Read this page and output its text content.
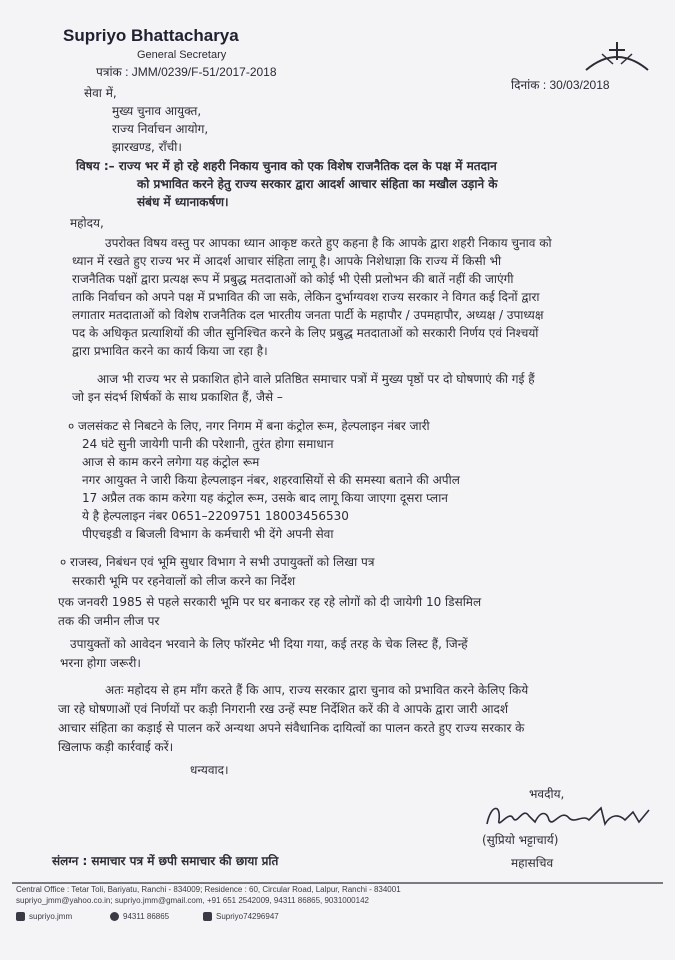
Supriyo Bhattacharya
General Secretary
पत्रांक : JMM/0239/F-51/2017-2018
दिनांक : 30/03/2018
सेवा में,
मुख्य चुनाव आयुक्त,
राज्य निर्वाचन आयोग,
झारखण्ड, राँची।
विषय :– राज्य भर में हो रहे शहरी निकाय चुनाव को एक विशेष राजनैतिक दल के पक्ष में मतदान
को प्रभावित करने हेतु राज्य सरकार द्वारा आदर्श आचार संहिता का मखौल उड़ाने के
संबंध में ध्यानाकर्षण।
महोदय,
उपरोक्त विषय वस्तु पर आपका ध्यान आकृष्ट करते हुए कहना है कि आपके द्वारा शहरी निकाय चुनाव को
ध्यान में रखते हुए राज्य भर में आदर्श आचार संहिता लागू है। आपके निशेधाज्ञा कि राज्य में किसी भी
राजनैतिक पक्षों द्वारा प्रत्यक्ष रूप में प्रबुद्ध मतदाताओं को कोई भी ऐसी प्रलोभन की बातें नहीं की जाएंगी
ताकि निर्वाचन को अपने पक्ष में प्रभावित की जा सके, लेकिन दुर्भाग्यवश राज्य सरकार ने विगत कई दिनों द्वारा
लगातार मतदाताओं को विशेष राजनैतिक दल भारतीय जनता पार्टी के महापौर / उपमहापौर, अध्यक्ष / उपाध्यक्ष
पद के अधिकृत प्रत्याशियों की जीत सुनिश्चित करने के लिए प्रबुद्ध मतदाताओं को सरकारी निर्णय एवं निश्चयों
द्वारा प्रभावित करने का कार्य किया जा रहा है।
आज भी राज्य भर से प्रकाशित होने वाले प्रतिष्ठित समाचार पत्रों में मुख्य पृष्ठों पर दो घोषणाएं की गई हैं
जो इन संदर्भ शिर्षकों के साथ प्रकाशित हैं, जैसे –
० जलसंकट से निबटने के लिए, नगर निगम में बना कंट्रोल रूम, हेल्पलाइन नंबर जारी
24 घंटे सुनी जायेगी पानी की परेशानी, तुरंत होगा समाधान
आज से काम करने लगेगा यह कंट्रोल रूम
नगर आयुक्त ने जारी किया हेल्पलाइन नंबर, शहरवासियों से की समस्या बताने की अपील
17 अप्रैल तक काम करेगा यह कंट्रोल रूम, उसके बाद लागू किया जाएगा दूसरा प्लान
ये है हेल्पलाइन नंबर 0651–2209751 18003456530
पीएचइडी व बिजली विभाग के कर्मचारी भी देंगे अपनी सेवा
० राजस्व, निबंधन एवं भूमि सुधार विभाग ने सभी उपायुक्तों को लिखा पत्र
सरकारी भूमि पर रहनेवालों को लीज करने का निर्देश
एक जनवरी 1985 से पहले सरकारी भूमि पर घर बनाकर रह रहे लोगों को दी जायेगी 10 डिसमिल
तक की जमीन लीज पर
उपायुक्तों को आवेदन भरवाने के लिए फॉरमेट भी दिया गया, कई तरह के चेक लिस्ट हैं, जिन्हें
भरना होगा जरूरी।
अतः महोदय से हम माँग करते हैं कि आप, राज्य सरकार द्वारा चुनाव को प्रभावित करने केलिए किये
जा रहे घोषणाओं एवं निर्णयों पर कड़ी निगरानी रख उन्हें स्पष्ट निर्देशित करें की वे आपके द्वारा जारी आदर्श
आचार संहिता का कड़ाई से पालन करें अन्यथा अपने संवैधानिक दायित्वों का पालन करते हुए राज्य सरकार के
खिलाफ कड़ी कार्रवाई करें।
धन्यवाद।
भवदीय,
(सुप्रियो भट्टाचार्य)
महासचिव
संलग्न : समाचार पत्र में छपी समाचार की छाया प्रति
Central Office : Tetar Toli, Bariyatu, Ranchi - 834009; Residence : 60, Circular Road, Lalpur, Ranchi - 834001
supriyo_jmm@yahoo.co.in; supriyo.jmm@gmail.com, +91 651 2542009, 94311 86865, 9031000142
supriyo.jmm	94311 86865	Supriyo74296947
